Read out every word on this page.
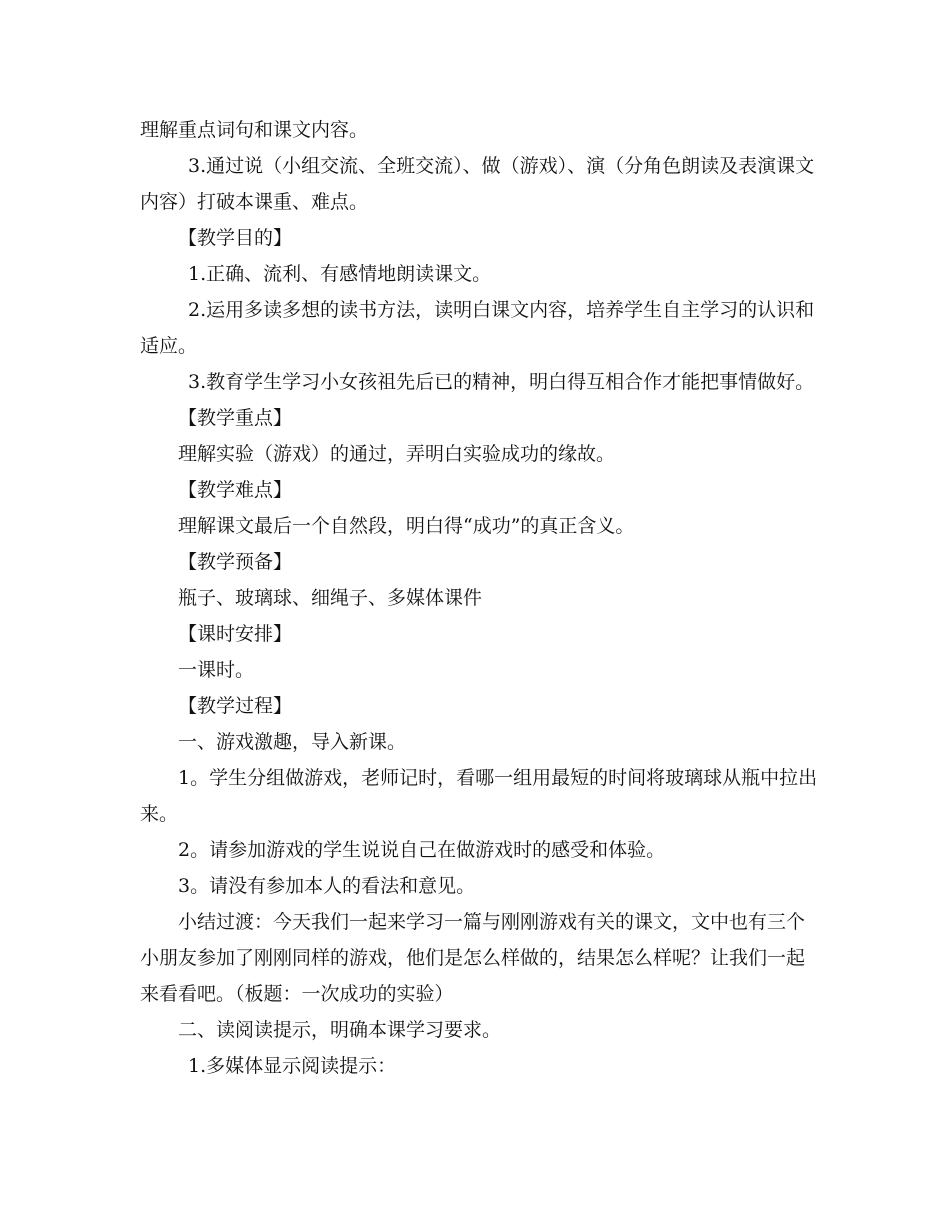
理解重点词句和课文内容。

3.通过说（小组交流、全班交流）、做（游戏）、演（分角色朗读及表演课文内容）打破本课重、难点。

【教学目的】

1.正确、流利、有感情地朗读课文。

2.运用多读多想的读书方法，读明白课文内容，培养学生自主学习的认识和适应。

3.教育学生学习小女孩祖先后已的精神，明白得互相合作才能把事情做好。

【教学重点】

理解实验（游戏）的通过，弄明白实验成功的缘故。

【教学难点】

理解课文最后一个自然段，明白得“成功”的真正含义。

【教学预备】

瓶子、玻璃球、细绳子、多媒体课件

【课时安排】

一课时。

【教学过程】

一、游戏激趣，导入新课。

1。学生分组做游戏，老师记时，看哪一组用最短的时间将玻璃球从瓶中拉出来。

2。请参加游戏的学生说说自己在做游戏时的感受和体验。

3。请没有参加本人的看法和意见。

小结过渡：今天我们一起来学习一篇与刚刚游戏有关的课文，文中也有三个小朋友参加了刚刚同样的游戏，他们是怎么样做的，结果怎么样呢？让我们一起来看看吧。（板题：一次成功的实验）

二、读阅读提示，明确本课学习要求。

1.多媒体显示阅读提示：
